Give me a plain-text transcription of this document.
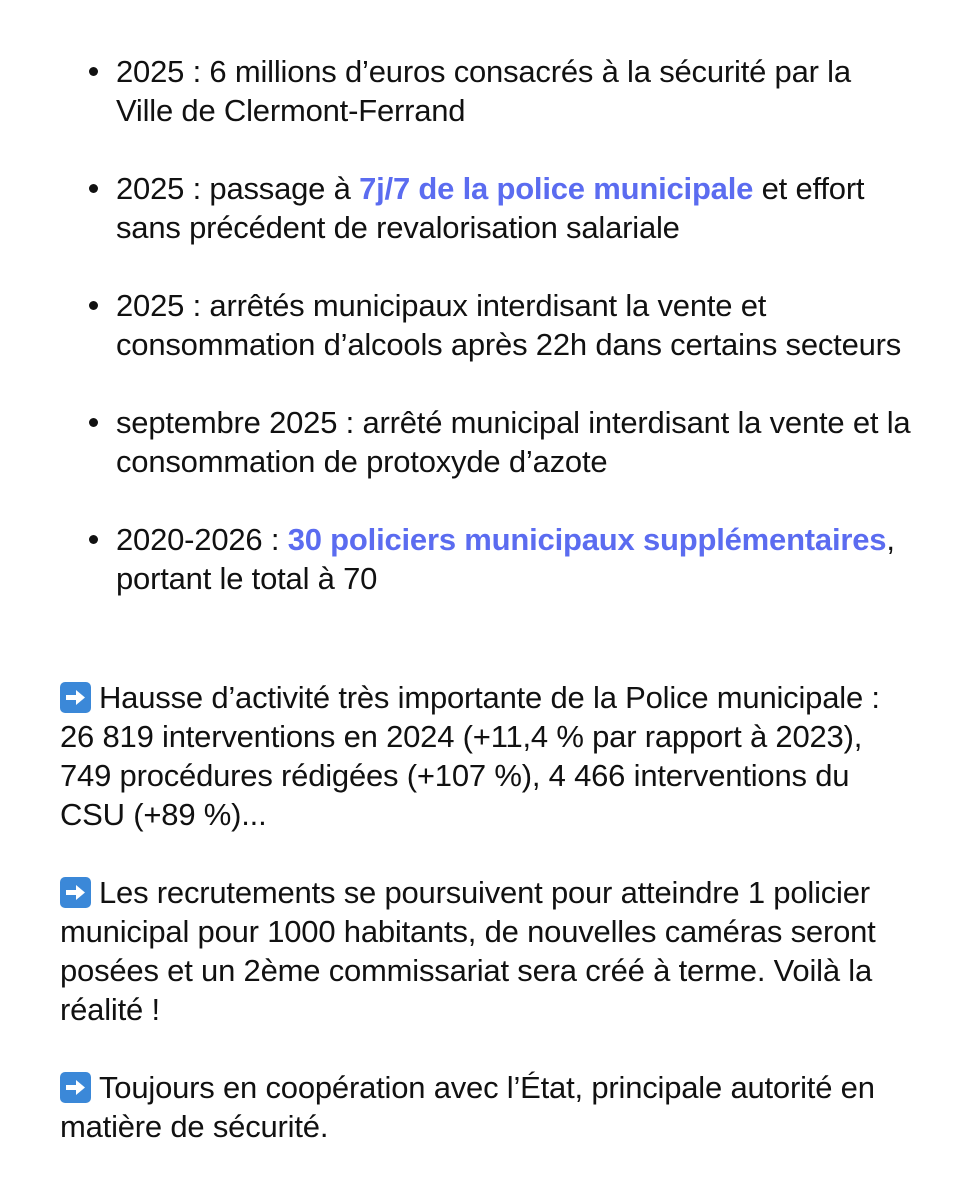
2025 : 6 millions d’euros consacrés à la sécurité par la Ville de Clermont-Ferrand
2025 : passage à 7j/7 de la police municipale et effort sans précédent de revalorisation salariale
2025 : arrêtés municipaux interdisant la vente et consommation d’alcools après 22h dans certains secteurs
septembre 2025 : arrêté municipal interdisant la vente et la consommation de protoxyde d’azote
2020-2026 : 30 policiers municipaux supplémentaires, portant le total à 70
Hausse d’activité très importante de la Police municipale : 26 819 interventions en 2024 (+11,4 % par rapport à 2023), 749 procédures rédigées (+107 %), 4 466 interventions du CSU (+89 %)...
Les recrutements se poursuivent pour atteindre 1 policier municipal pour 1000 habitants, de nouvelles caméras seront posées et un 2ème commissariat sera créé à terme. Voilà la réalité !
Toujours en coopération avec l’État, principale autorité en matière de sécurité.
